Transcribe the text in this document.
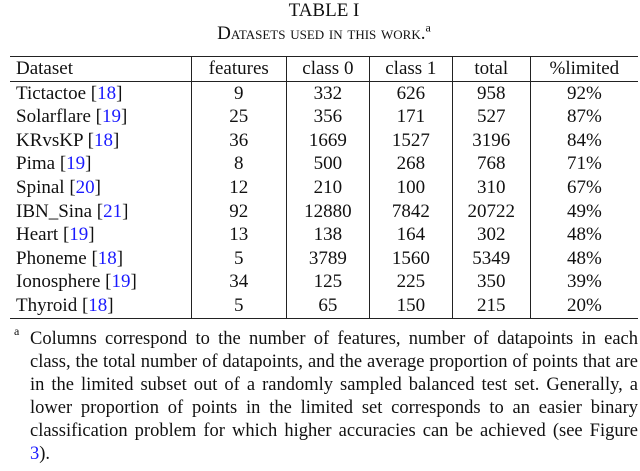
TABLE I
Datasets used in this work.$^a$
Dataset	features	class 0	class 1	total	%limited
Tictactoe [18]	9	332	626	958	92%
Solarflare [19]	25	356	171	527	87%
KRvsKP [18]	36	1669	1527	3196	84%
Pima [19]	8	500	268	768	71%
Spinal [20]	12	210	100	310	67%
IBN_Sina [21]	92	12880	7842	20722	49%
Heart [19]	13	138	164	302	48%
Phoneme [18]	5	3789	1560	5349	48%
Ionosphere [19]	34	125	225	350	39%
Thyroid [18]	5	65	150	215	20%
a Columns correspond to the number of features, number of datapoints in each class, the total number of datapoints, and the average proportion of points that are in the limited subset out of a randomly sampled balanced test set. Generally, a lower proportion of points in the limited set corresponds to an easier binary classification problem for which higher accuracies can be achieved (see Figure 3).
